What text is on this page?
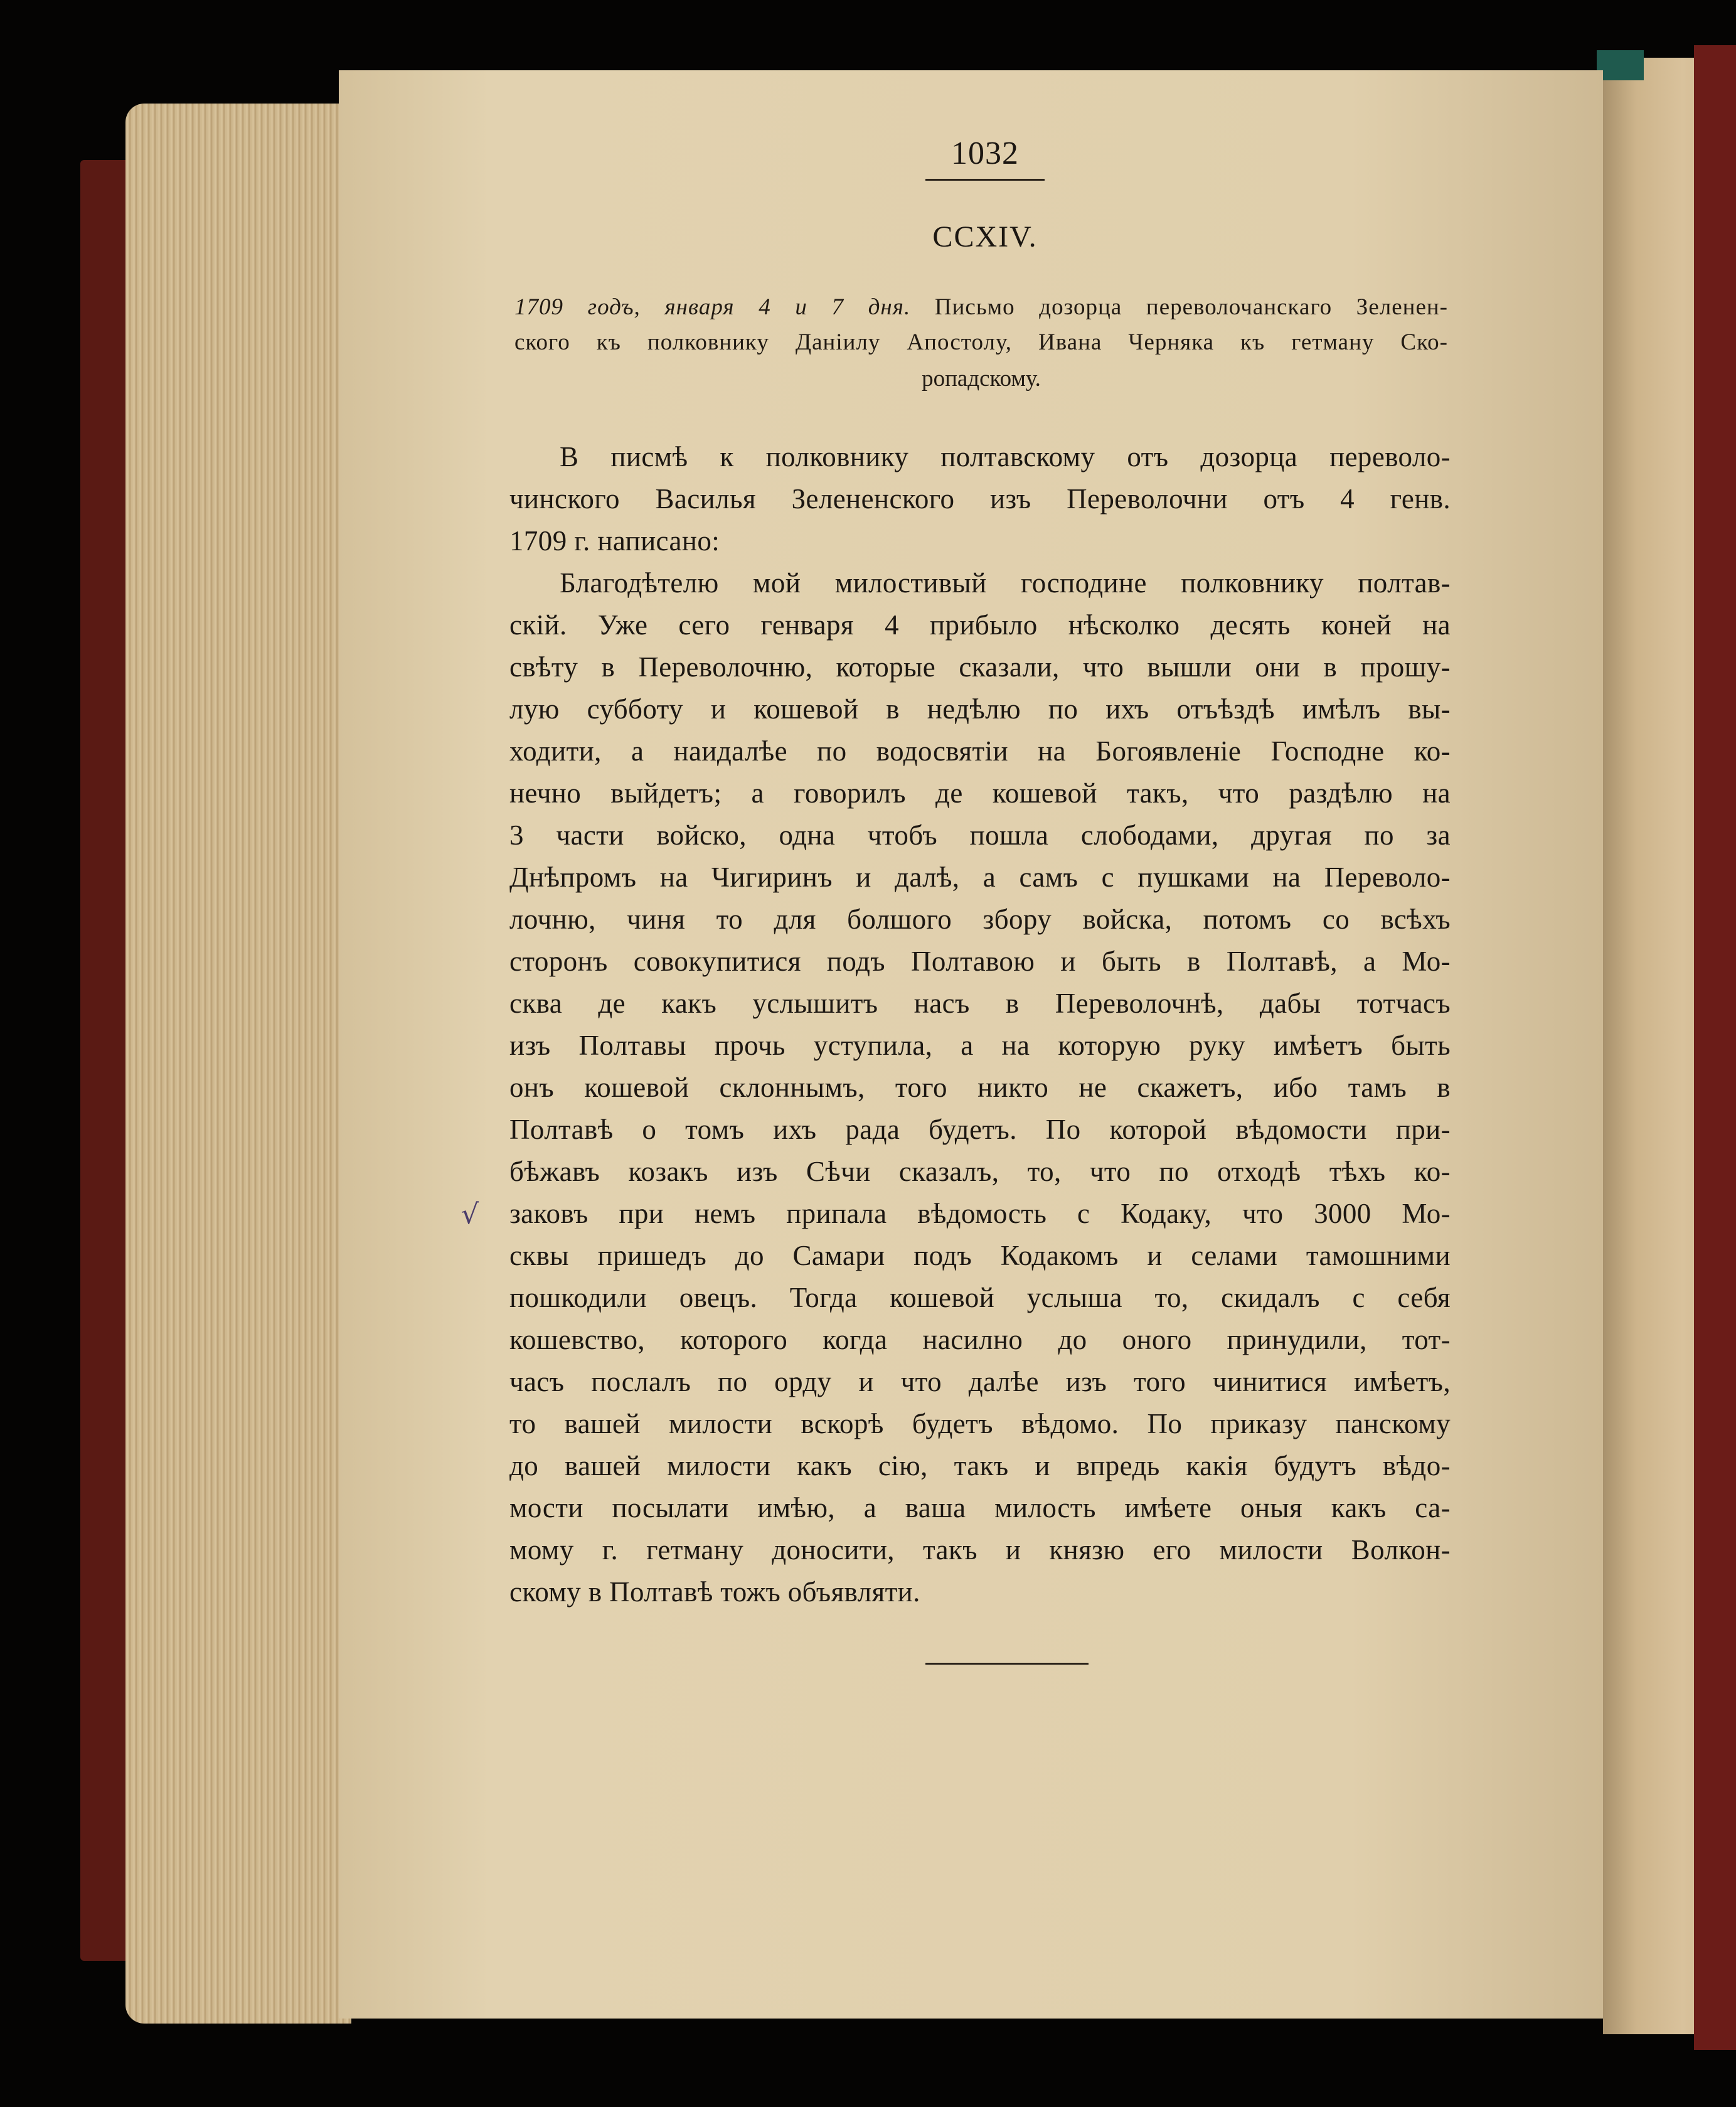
1032
CCXIV.
1709 годъ, января 4 и 7 дня. Письмо дозорца переволочанскаго Зеленен-
ского къ полковнику Даніилу Апостолу, Ивана Черняка къ гетману Ско-
ропадскому.
В писмѣ к полковнику полтавскому отъ дозорца переволо-
чинского Василья Зеленeнского изъ Переволочни отъ 4 генв.
1709 г. написано:
Благодѣтелю мой милостивый господине полковнику полтав-
скій. Уже сего генваря 4 прибыло нѣсколко десять коней на
свѣту в Переволочню, которые сказали, что вышли они в прошу-
лую субботу и кошевой в недѣлю по ихъ отъѣздѣ имѣлъ вы-
ходити, а наидалѣе по водосвятіи на Богоявленіе Господне ко-
нечно выйдетъ; а говорилъ де кошевой такъ, что раздѣлю на
3 части войско, одна чтобъ пошла слободами, другая по за
Днѣпромъ на Чигиринъ и далѣ, а самъ с пушками на Переволо-
лочню, чиня то для болшого збору войска, потомъ со всѣхъ
сторонъ совокупитися подъ Полтавою и быть в Полтавѣ, а Мо-
сква де какъ услышитъ насъ в Переволочнѣ, дабы тотчасъ
изъ Полтавы прочь уступила, а на которую руку имѣетъ быть
онъ кошевой склоннымъ, того никто не скажетъ, ибо тамъ в
Полтавѣ о томъ ихъ рада будетъ. По которой вѣдомости при-
бѣжавъ козакъ изъ Сѣчи сказалъ, то, что по отходѣ тѣхъ ко-
заковъ при немъ припала вѣдомость с Кодаку, что 3000 Мо-
сквы пришедъ до Самари подъ Кодакомъ и селами тамошними
пошкодили овецъ. Тогда кошевой услыша то, скидалъ с себя
кошевство, которого когда насилно до оного принудили, тот-
часъ послалъ по орду и что далѣе изъ того чинитися имѣетъ,
то вашей милости вскорѣ будетъ вѣдомо. По приказу панскому
до вашей милости какъ сію, такъ и впредь какія будутъ вѣдо-
мости посылати имѣю, а ваша милость имѣете оныя какъ са-
мому г. гетману доносити, такъ и князю его милости Волкон-
скому в Полтавѣ тожъ объявляти.
√
